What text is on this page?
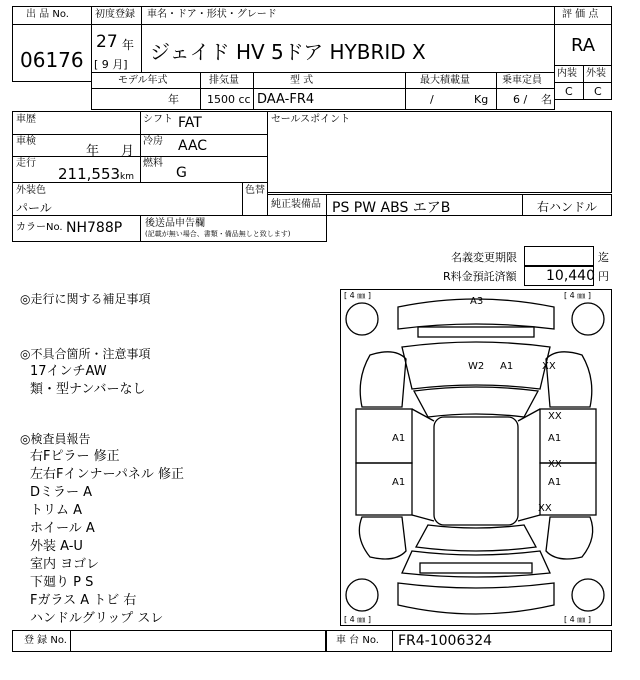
出 品 No.
06176
初度登録 車名・ドア・形状・グレード
27 年
[ 9 月]
ジェイド HV 5ドア HYBRID X
評 価 点
RA
内装 外装
C C
モデル年式	排気量	型 式	最大積載量	乗車定員
年	1500 cc DAA-FR4	/	Kg 6 / 名
車歴	シフト FAT
車検
年 月
冷房 AAC
走行
211,553 km
燃料
G
セールスポイント
外装色
パール
色替
純正装備品 PS PW ABS エアB	右ハンドル
カラーNo. NH788P 後送品申告欄
(記載が無い場合、書類・備品無しと致します)
名義変更期限	迄
R料金預託済額 10,440 円
◎走行に関する補足事項
◎不具合箇所・注意事項
17インチAW
類・型ナンバーなし
◎検査員報告
右Fピラー 修正
左右Fインナーパネル 修正
Dミラー A
トリム A
ホイール A
外装 A-U
室内 ヨゴレ
下廻り P S
Fガラス A トビ 右
ハンドルグリップ スレ
[ 4 ㎜ ]	[ 4 ㎜ ]
[ 4 ㎜ ]	[ 4 ㎜ ]
A3
W2 A1	XX
XX
A1
XX
A1
XX
A1
A1
登 録 No.	車 台 No. FR4-1006324
